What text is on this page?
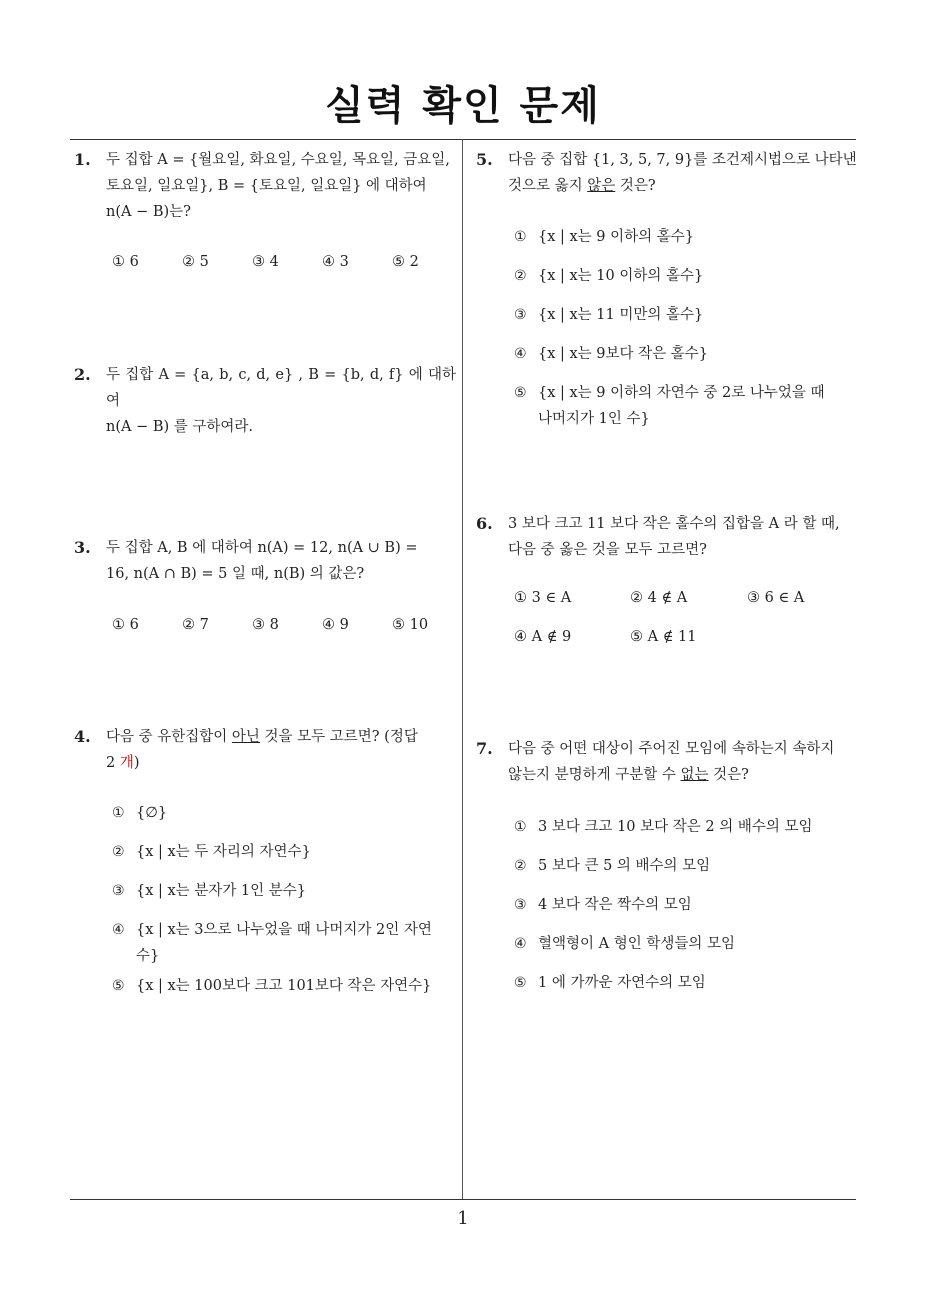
실력 확인 문제
1
1. 두 집합 A = {월요일, 화요일, 수요일, 목요일, 금요일,
토요일, 일요일}, B = {토요일, 일요일} 에 대하여
n(A − B)는?
① 6	② 5	③ 4	④ 3	⑤ 2
2. 두 집합 A = {a, b, c, d, e} , B = {b, d, f} 에 대하여
n(A − B) 를 구하여라.
3. 두 집합 A, B 에 대하여 n(A) = 12, n(A ∪ B) =
16, n(A ∩ B) = 5 일 때, n(B) 의 값은?
① 6	② 7	③ 8	④ 9	⑤ 10
4. 다음 중 유한집합이 아닌 것을 모두 고르면? (정답
2 개)
① {∅}
② {x | x는 두 자리의 자연수}
③ {x | x는 분자가 1인 분수}
④ {x | x는 3으로 나누었을 때 나머지가 2인 자연
수}
⑤ {x | x는 100보다 크고 101보다 작은 자연수}
5. 다음 중 집합 {1, 3, 5, 7, 9}를 조건제시법으로 나타낸
것으로 옳지 않은 것은?
① {x | x는 9 이하의 홀수}
② {x | x는 10 이하의 홀수}
③ {x | x는 11 미만의 홀수}
④ {x | x는 9보다 작은 홀수}
⑤ {x | x는 9 이하의 자연수 중 2로 나누었을 때
나머지가 1인 수}
6. 3 보다 크고 11 보다 작은 홀수의 집합을 A 라 할 때,
다음 중 옳은 것을 모두 고르면?
① 3 ∈ A	② 4 ∉ A	③ 6 ∈ A
④ A ∉ 9	⑤ A ∉ 11
7. 다음 중 어떤 대상이 주어진 모임에 속하는지 속하지
않는지 분명하게 구분할 수 없는 것은?
① 3 보다 크고 10 보다 작은 2 의 배수의 모임
② 5 보다 큰 5 의 배수의 모임
③ 4 보다 작은 짝수의 모임
④ 혈액형이 A 형인 학생들의 모임
⑤ 1 에 가까운 자연수의 모임
